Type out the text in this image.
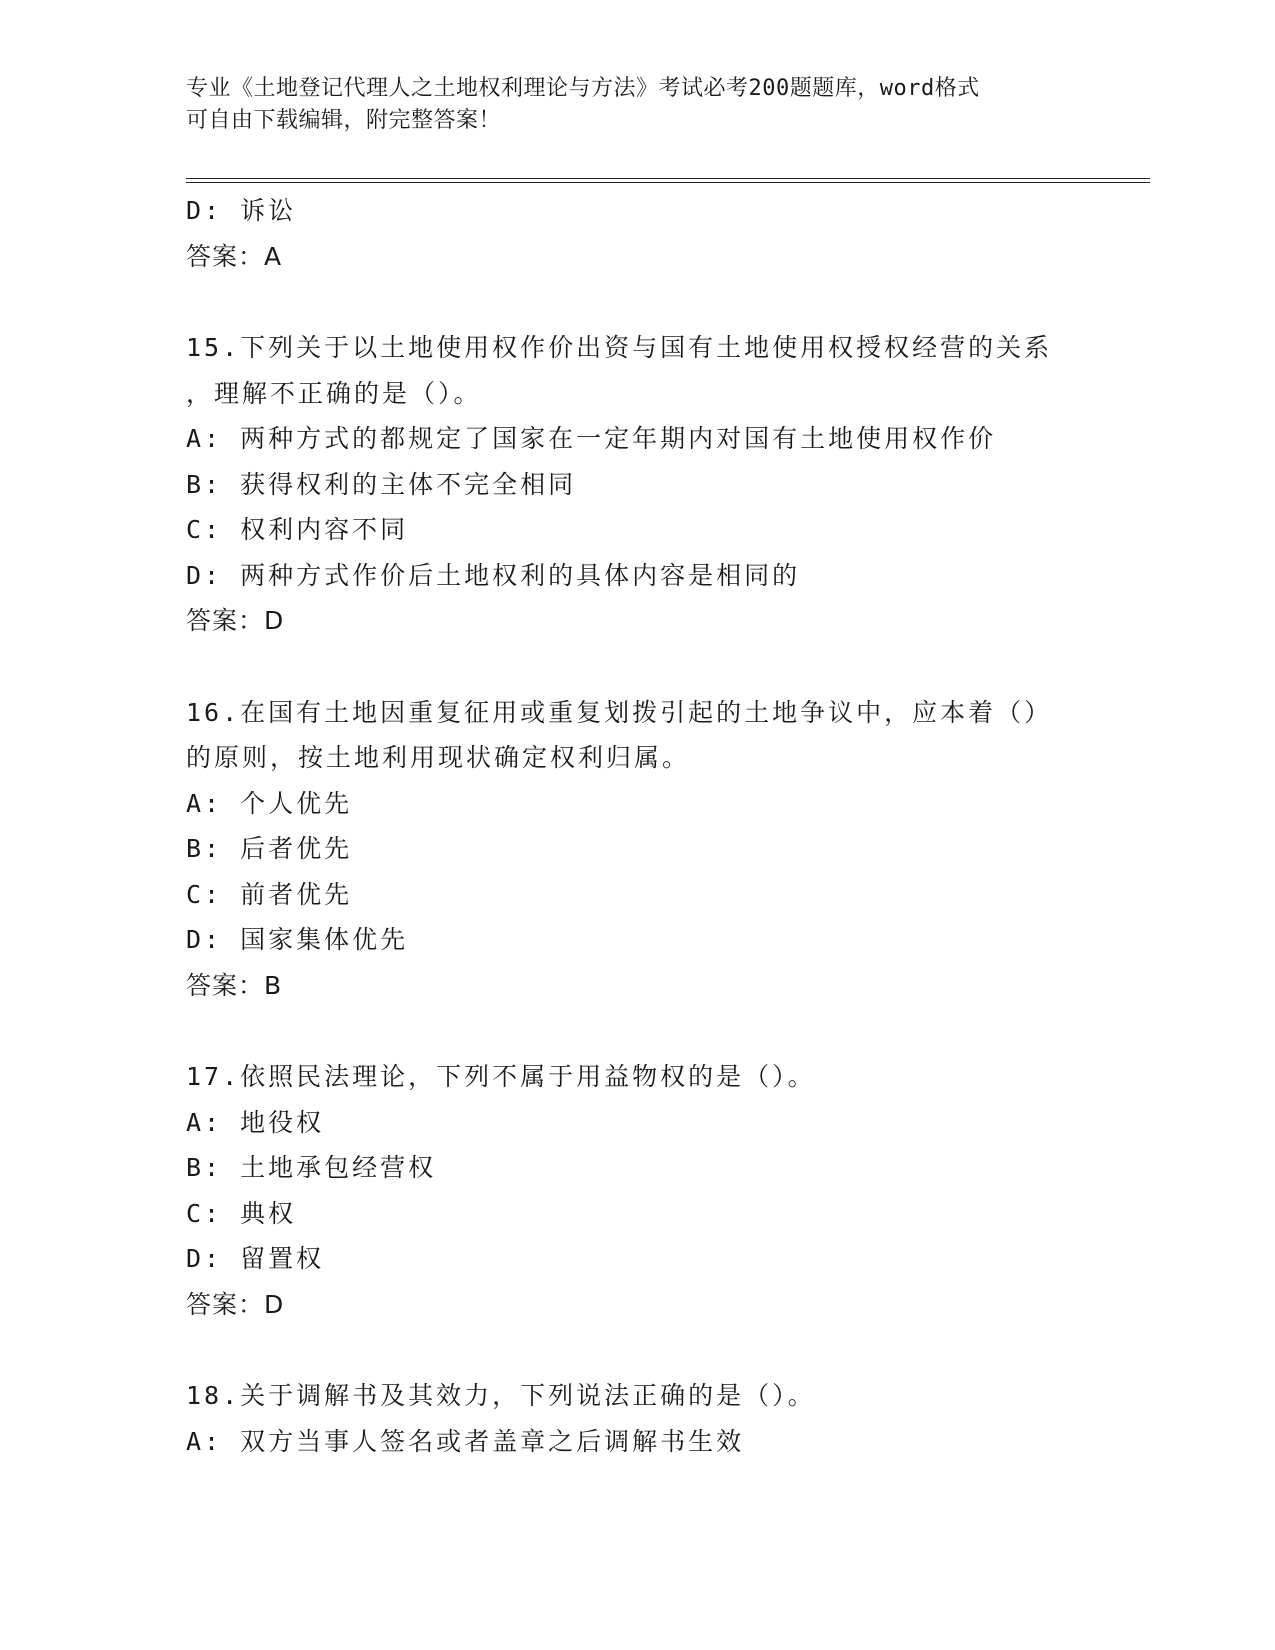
专业《土地登记代理人之土地权利理论与方法》考试必考200题题库，word格式
可自由下载编辑，附完整答案！
D: 诉讼
答案：A
15.下列关于以土地使用权作价出资与国有土地使用权授权经营的关系
，理解不正确的是（）。
A: 两种方式的都规定了国家在一定年期内对国有土地使用权作价
B: 获得权利的主体不完全相同
C: 权利内容不同
D: 两种方式作价后土地权利的具体内容是相同的
答案：D
16.在国有土地因重复征用或重复划拨引起的土地争议中，应本着（）
的原则，按土地利用现状确定权利归属。
A: 个人优先
B: 后者优先
C: 前者优先
D: 国家集体优先
答案：B
17.依照民法理论，下列不属于用益物权的是（）。
A: 地役权
B: 土地承包经营权
C: 典权
D: 留置权
答案：D
18.关于调解书及其效力，下列说法正确的是（）。
A: 双方当事人签名或者盖章之后调解书生效
